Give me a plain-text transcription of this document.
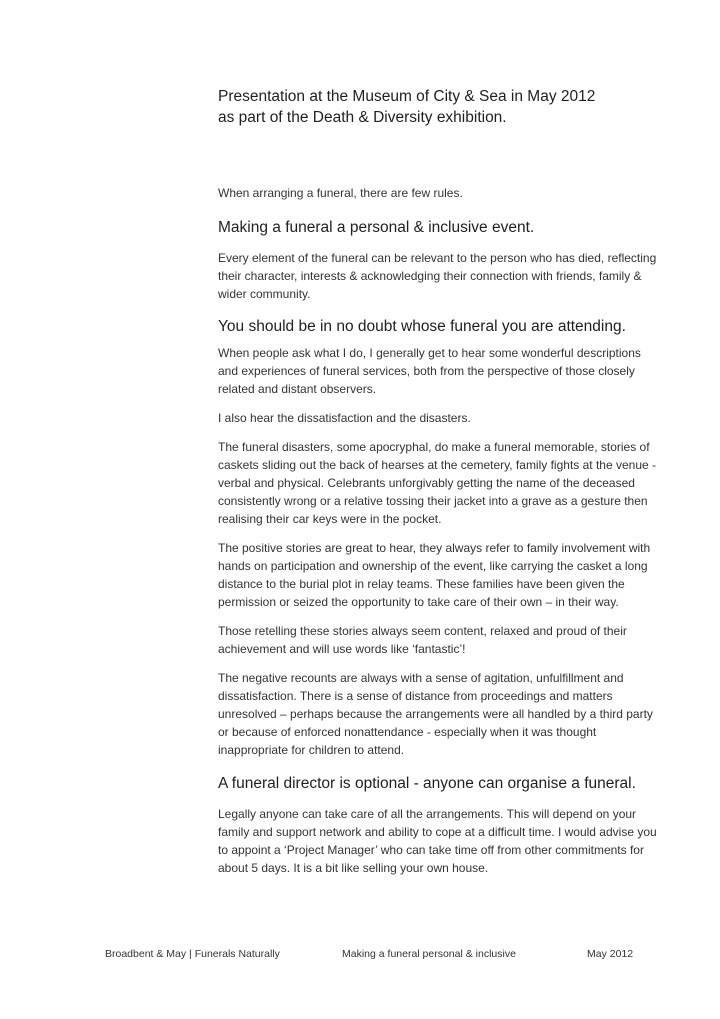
Presentation at the Museum of City & Sea in May 2012
as part of the Death & Diversity exhibition.

When arranging a funeral, there are few rules.

Making a funeral a personal & inclusive event.

Every element of the funeral can be relevant to the person who has died, reflecting their character, interests & acknowledging their connection with friends, family & wider community.

You should be in no doubt whose funeral you are attending.

When people ask what I do, I generally get to hear some wonderful descriptions and experiences of funeral services, both from the perspective of those closely related and distant observers.

I also hear the dissatisfaction and the disasters.

The funeral disasters, some apocryphal, do make a funeral memorable, stories of caskets sliding out the back of hearses at the cemetery, family fights at the venue - verbal and physical. Celebrants unforgivably getting the name of the deceased consistently wrong or a relative tossing their jacket into a grave as a gesture then realising their car keys were in the pocket.

The positive stories are great to hear, they always refer to family involvement with hands on participation and ownership of the event, like carrying the casket a long distance to the burial plot in relay teams. These families have been given the permission or seized the opportunity to take care of their own – in their way.

Those retelling these stories always seem content, relaxed and proud of their achievement and will use words like ‘fantastic’!

The negative recounts are always with a sense of agitation, unfulfillment and dissatisfaction. There is a sense of distance from proceedings and matters unresolved – perhaps because the arrangements were all handled by a third party or because of enforced nonattendance - especially when it was thought inappropriate for children to attend.

A funeral director is optional - anyone can organise a funeral.

Legally anyone can take care of all the arrangements. This will depend on your family and support network and ability to cope at a difficult time. I would advise you to appoint a ‘Project Manager’ who can take time off from other commitments for about 5 days. It is a bit like selling your own house.

Broadbent & May | Funerals Naturally	Making a funeral personal & inclusive	May 2012
